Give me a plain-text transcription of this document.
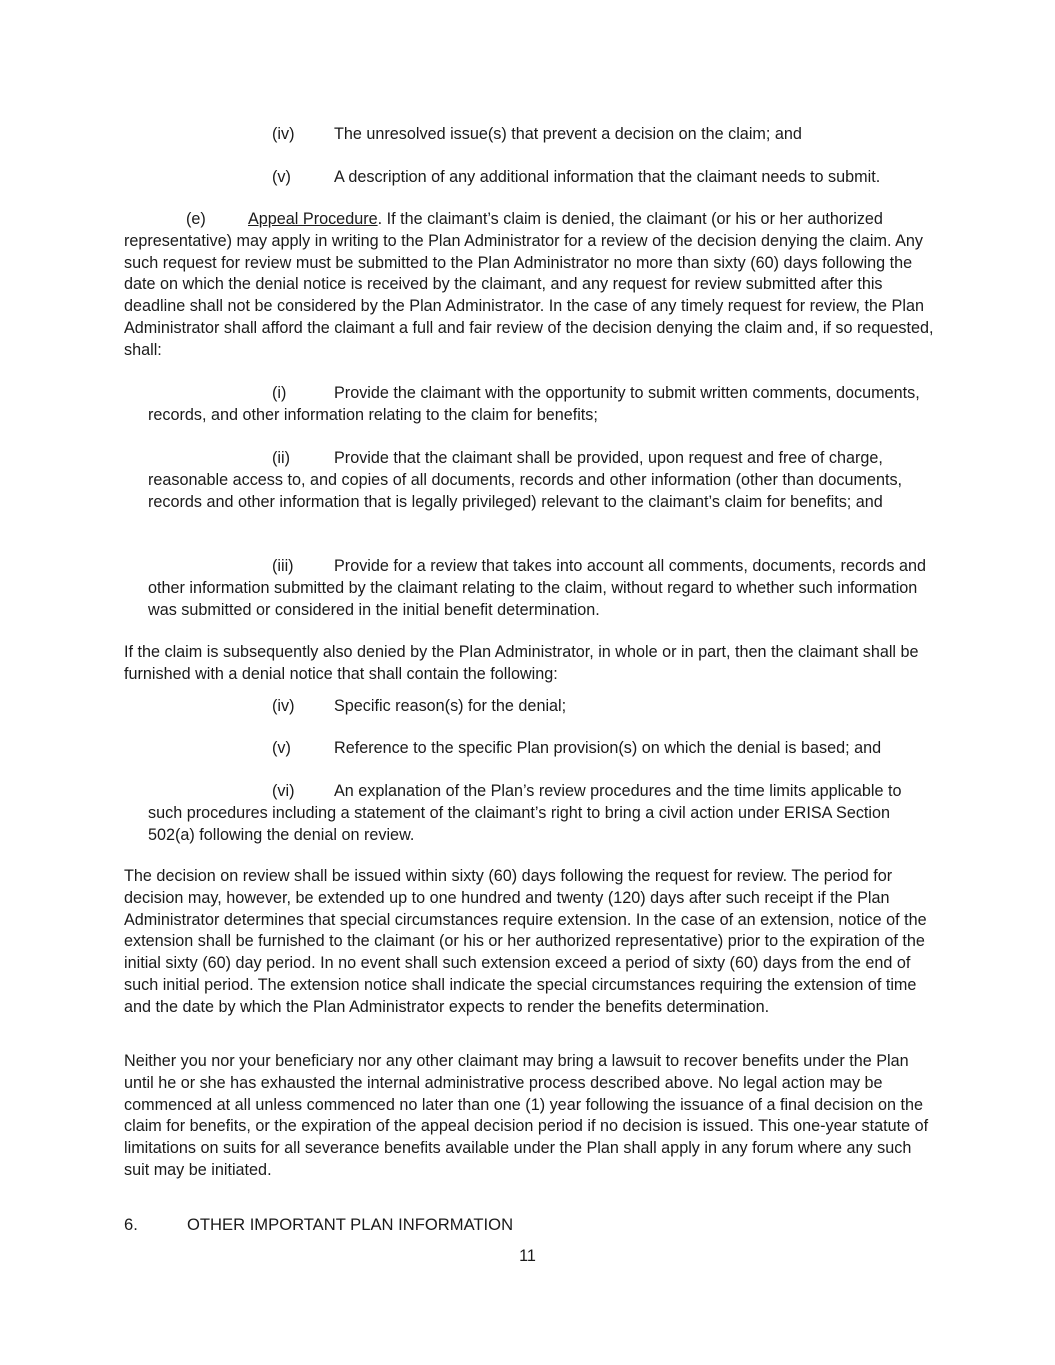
(iv) The unresolved issue(s) that prevent a decision on the claim; and
(v)	A description of any additional information that the claimant needs to submit.
(e)	Appeal Procedure. If the claimant’s claim is denied, the claimant (or his or her authorized representative) may apply in writing to the Plan Administrator for a review of the decision denying the claim. Any such request for review must be submitted to the Plan Administrator no more than sixty (60) days following the date on which the denial notice is received by the claimant, and any request for review submitted after this deadline shall not be considered by the Plan Administrator. In the case of any timely request for review, the Plan Administrator shall afford the claimant a full and fair review of the decision denying the claim and, if so requested, shall:
(i)	Provide the claimant with the opportunity to submit written comments, documents, records, and other information relating to the claim for benefits;
(ii)	Provide that the claimant shall be provided, upon request and free of charge, reasonable access to, and copies of all documents, records and other information (other than documents, records and other information that is legally privileged) relevant to the claimant’s claim for benefits; and
(iii) Provide for a review that takes into account all comments, documents, records and other information submitted by the claimant relating to the claim, without regard to whether such information was submitted or considered in the initial benefit determination.
If the claim is subsequently also denied by the Plan Administrator, in whole or in part, then the claimant shall be furnished with a denial notice that shall contain the following:
(iv) Specific reason(s) for the denial;
(v)	Reference to the specific Plan provision(s) on which the denial is based; and
(vi) An explanation of the Plan’s review procedures and the time limits applicable to such procedures including a statement of the claimant’s right to bring a civil action under ERISA Section 502(a) following the denial on review.
The decision on review shall be issued within sixty (60) days following the request for review. The period for decision may, however, be extended up to one hundred and twenty (120) days after such receipt if the Plan Administrator determines that special circumstances require extension. In the case of an extension, notice of the extension shall be furnished to the claimant (or his or her authorized representative) prior to the expiration of the initial sixty (60) day period. In no event shall such extension exceed a period of sixty (60) days from the end of such initial period. The extension notice shall indicate the special circumstances requiring the extension of time and the date by which the Plan Administrator expects to render the benefits determination.
Neither you nor your beneficiary nor any other claimant may bring a lawsuit to recover benefits under the Plan until he or she has exhausted the internal administrative process described above. No legal action may be commenced at all unless commenced no later than one (1) year following the issuance of a final decision on the claim for benefits, or the expiration of the appeal decision period if no decision is issued. This one-year statute of limitations on suits for all severance benefits available under the Plan shall apply in any forum where any such suit may be initiated.
6.	OTHER IMPORTANT PLAN INFORMATION
11
